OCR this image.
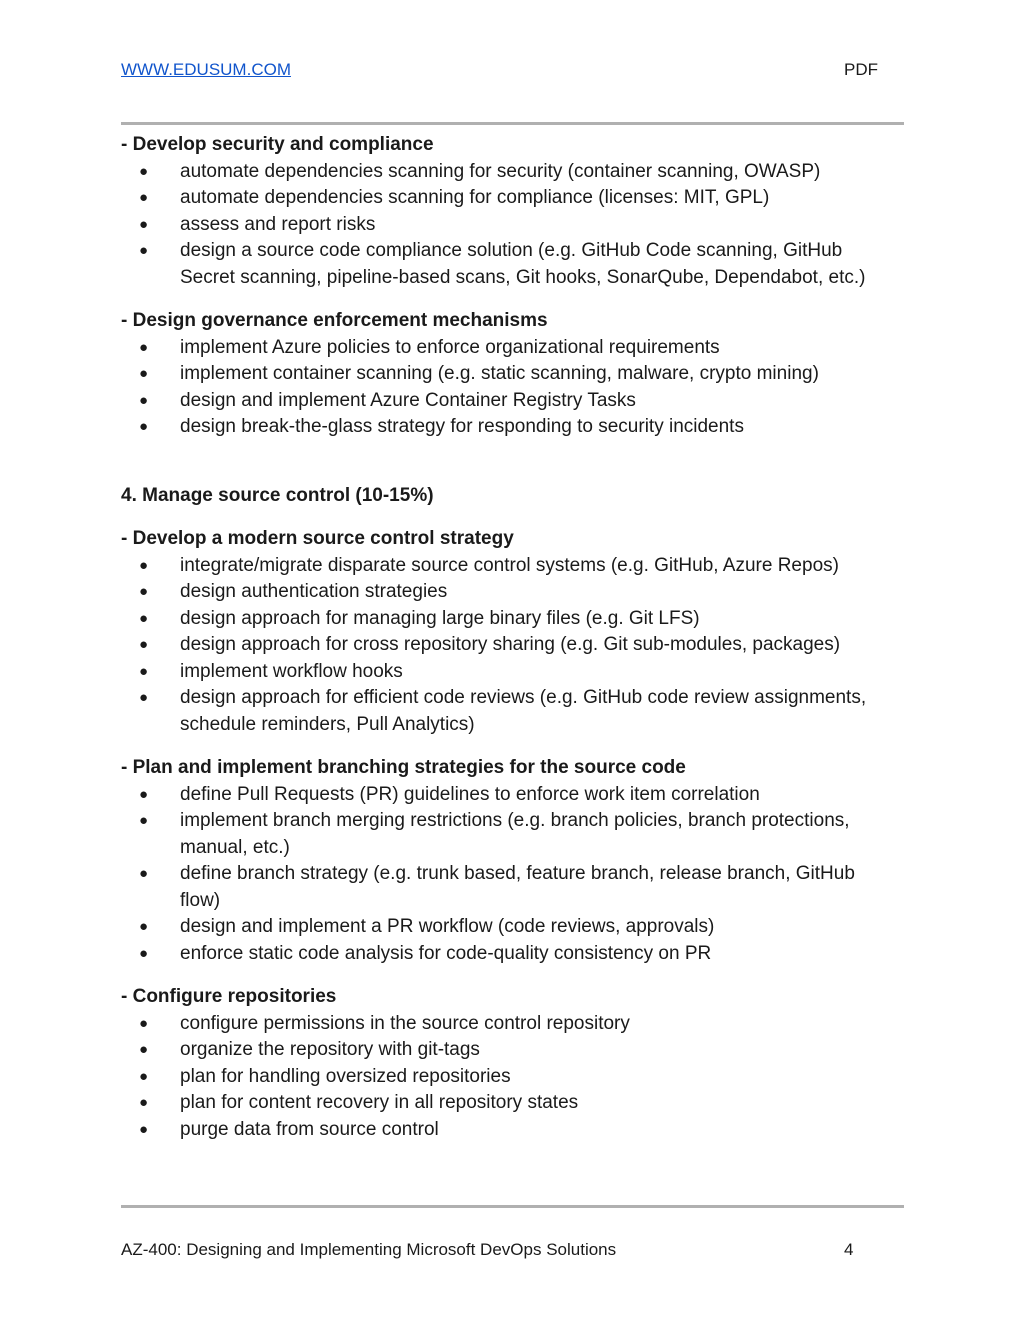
WWW.EDUSUM.COM	PDF

- Develop security and compliance

● automate dependencies scanning for security (container scanning, OWASP)
● automate dependencies scanning for compliance (licenses: MIT, GPL)
● assess and report risks
● design a source code compliance solution (e.g. GitHub Code scanning, GitHub Secret scanning, pipeline-based scans, Git hooks, SonarQube, Dependabot, etc.)

- Design governance enforcement mechanisms

● implement Azure policies to enforce organizational requirements
● implement container scanning (e.g. static scanning, malware, crypto mining)
● design and implement Azure Container Registry Tasks
● design break-the-glass strategy for responding to security incidents

4. Manage source control (10-15%)

- Develop a modern source control strategy

● integrate/migrate disparate source control systems (e.g. GitHub, Azure Repos)
● design authentication strategies
● design approach for managing large binary files (e.g. Git LFS)
● design approach for cross repository sharing (e.g. Git sub-modules, packages)
● implement workflow hooks
● design approach for efficient code reviews (e.g. GitHub code review assignments, schedule reminders, Pull Analytics)

- Plan and implement branching strategies for the source code

● define Pull Requests (PR) guidelines to enforce work item correlation
● implement branch merging restrictions (e.g. branch policies, branch protections, manual, etc.)
● define branch strategy (e.g. trunk based, feature branch, release branch, GitHub flow)
● design and implement a PR workflow (code reviews, approvals)
● enforce static code analysis for code-quality consistency on PR

- Configure repositories

● configure permissions in the source control repository
● organize the repository with git-tags
● plan for handling oversized repositories
● plan for content recovery in all repository states
● purge data from source control
AZ-400: Designing and Implementing Microsoft DevOps Solutions	4
